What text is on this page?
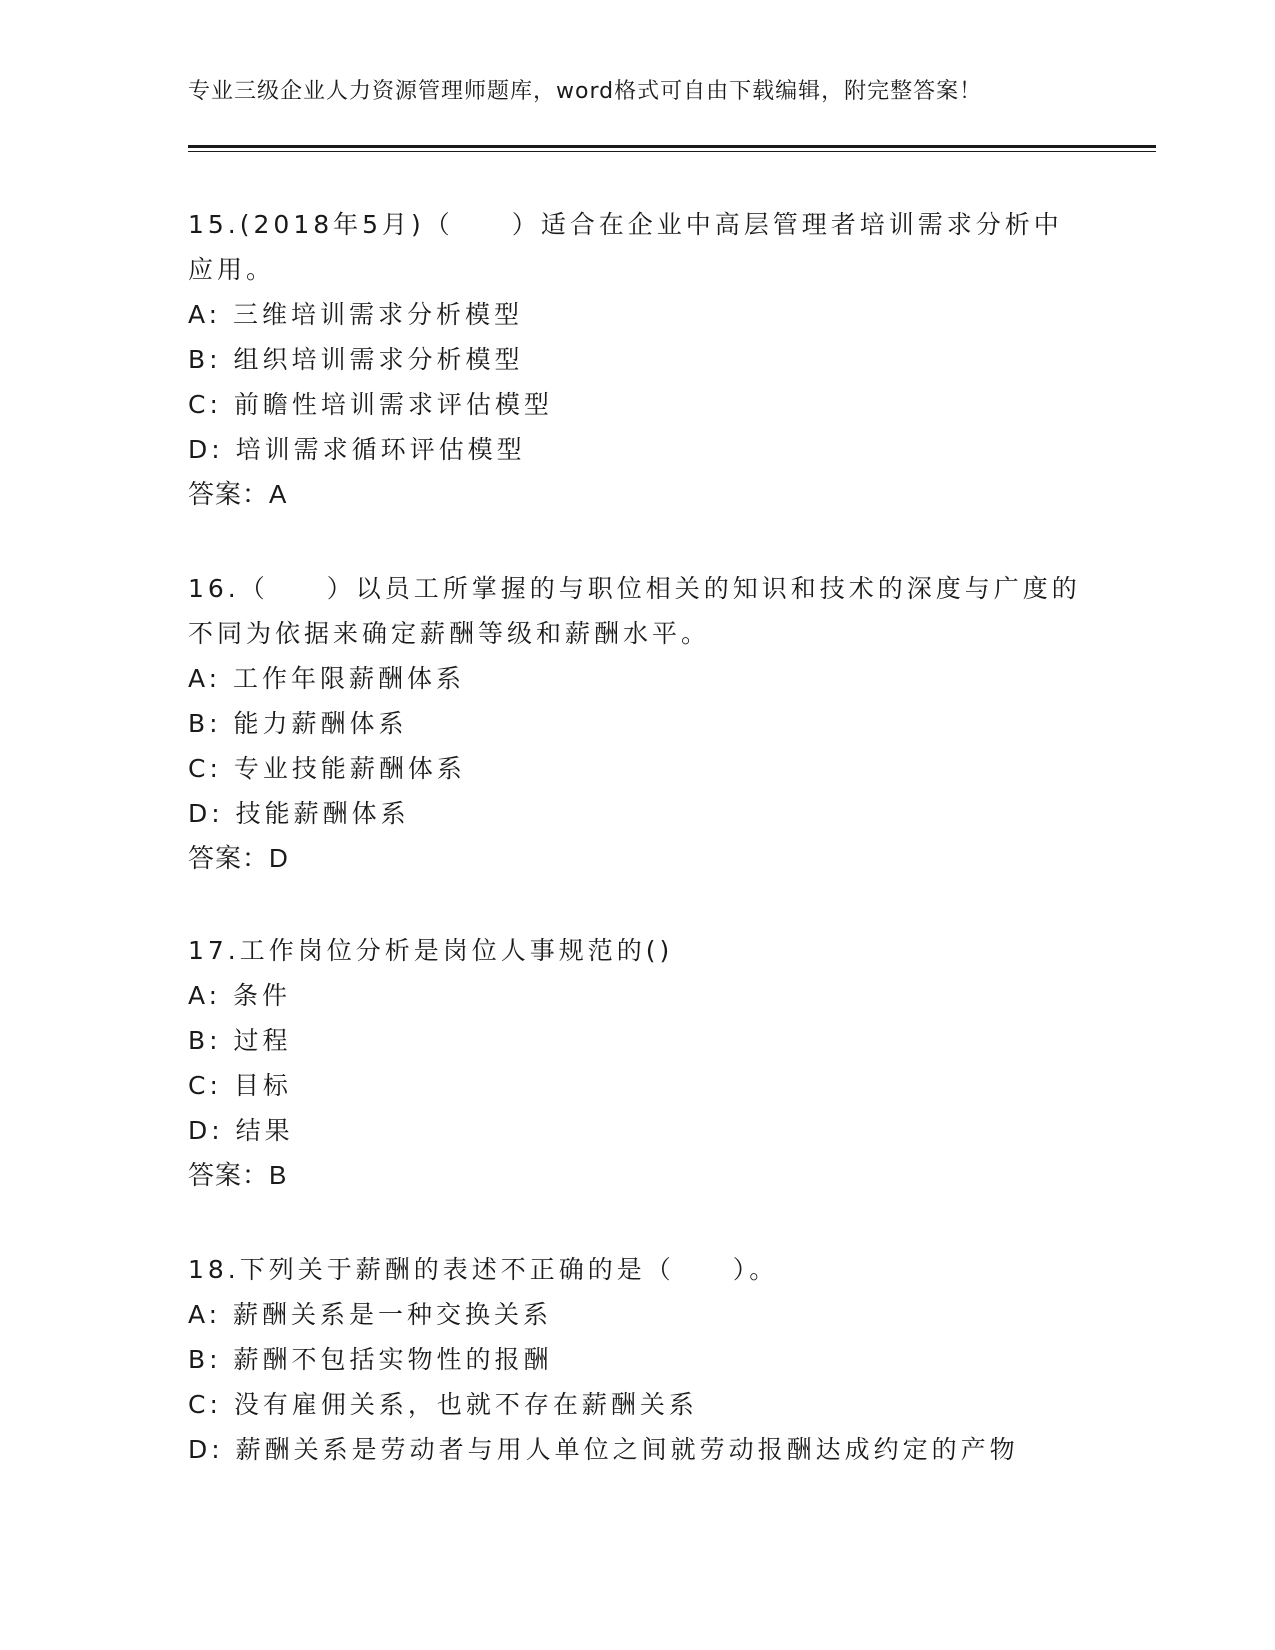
专业三级企业人力资源管理师题库，word格式可自由下载编辑，附完整答案！

15.(2018年5月)（　　）适合在企业中高层管理者培训需求分析中应用。

A: 三维培训需求分析模型

B: 组织培训需求分析模型

C: 前瞻性培训需求评估模型

D: 培训需求循环评估模型

答案：A

16.（　　）以员工所掌握的与职位相关的知识和技术的深度与广度的不同为依据来确定薪酬等级和薪酬水平。

A: 工作年限薪酬体系

B: 能力薪酬体系

C: 专业技能薪酬体系

D: 技能薪酬体系

答案：D

17.工作岗位分析是岗位人事规范的()

A: 条件

B: 过程

C: 目标

D: 结果

答案：B

18.下列关于薪酬的表述不正确的是（　　）。

A: 薪酬关系是一种交换关系

B: 薪酬不包括实物性的报酬

C: 没有雇佣关系，也就不存在薪酬关系

D: 薪酬关系是劳动者与用人单位之间就劳动报酬达成约定的产物
